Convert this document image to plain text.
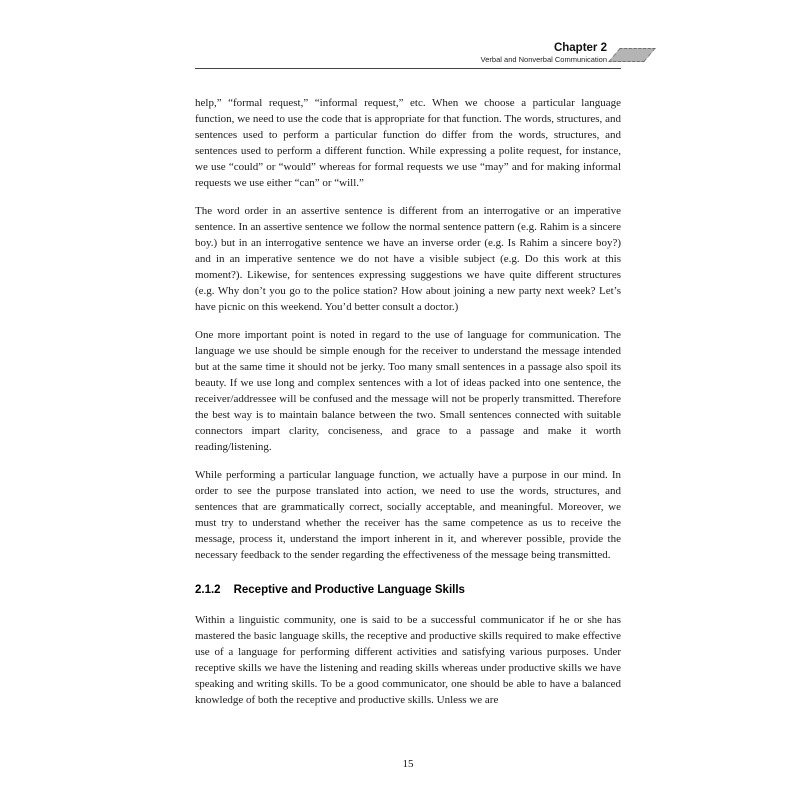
Chapter 2
Verbal and Nonverbal Communication

help,” “formal request,” “informal request,” etc. When we choose a particular language function, we need to use the code that is appropriate for that function. The words, structures, and sentences used to perform a particular function do differ from the words, structures, and sentences used to perform a different function. While expressing a polite request, for instance, we use “could” or “would” whereas for formal requests we use “may” and for making informal requests we use either “can” or “will.”

The word order in an assertive sentence is different from an interrogative or an imperative sentence. In an assertive sentence we follow the normal sentence pattern (e.g. Rahim is a sincere boy.) but in an interrogative sentence we have an inverse order (e.g. Is Rahim a sincere boy?) and in an imperative sentence we do not have a visible subject (e.g. Do this work at this moment?). Likewise, for sentences expressing suggestions we have quite different structures (e.g. Why don’t you go to the police station? How about joining a new party next week? Let’s have picnic on this weekend. You’d better consult a doctor.)

One more important point is noted in regard to the use of language for communication. The language we use should be simple enough for the receiver to understand the message intended but at the same time it should not be jerky. Too many small sentences in a passage also spoil its beauty. If we use long and complex sentences with a lot of ideas packed into one sentence, the receiver/addressee will be confused and the message will not be properly transmitted. Therefore the best way is to maintain balance between the two. Small sentences connected with suitable connectors impart clarity, conciseness, and grace to a passage and make it worth reading/listening.

While performing a particular language function, we actually have a purpose in our mind. In order to see the purpose translated into action, we need to use the words, structures, and sentences that are grammatically correct, socially acceptable, and meaningful. Moreover, we must try to understand whether the receiver has the same competence as us to receive the message, process it, understand the import inherent in it, and wherever possible, provide the necessary feedback to the sender regarding the effectiveness of the message being transmitted.

2.1.2 Receptive and Productive Language Skills

Within a linguistic community, one is said to be a successful communicator if he or she has mastered the basic language skills, the receptive and productive skills required to make effective use of a language for performing different activities and satisfying various purposes. Under receptive skills we have the listening and reading skills whereas under productive skills we have speaking and writing skills. To be a good communicator, one should be able to have a balanced knowledge of both the receptive and productive skills. Unless we are

15
